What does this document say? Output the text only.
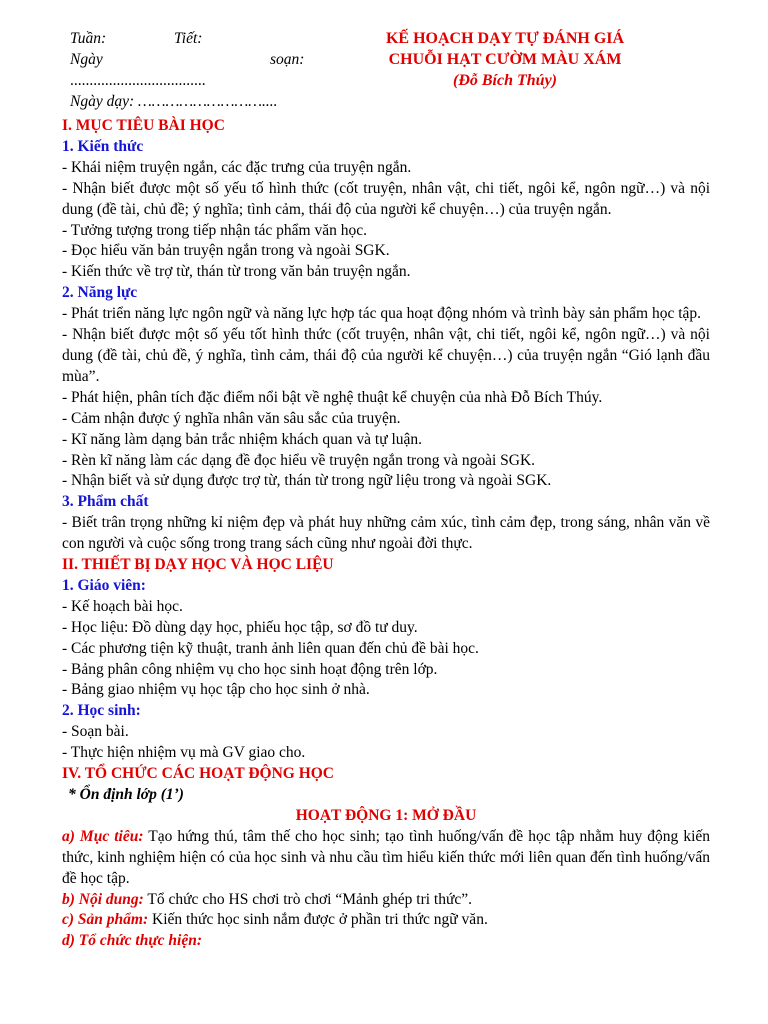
Tuần:	Tiết:
Ngày	soạn:
...................................
Ngày dạy: ………………………....
KẾ HOẠCH DẠY TỰ ĐÁNH GIÁ
CHUỖI HẠT CƯỜM MÀU XÁM
(Đỗ Bích Thúy)

I. MỤC TIÊU BÀI HỌC

1. Kiến thức

- Khái niệm truyện ngắn, các đặc trưng của truyện ngắn.

- Nhận biết được một số yếu tố hình thức (cốt truyện, nhân vật, chi tiết, ngôi kể, ngôn ngữ…) và nội dung (đề tài, chủ đề; ý nghĩa; tình cảm, thái độ của người kể chuyện…) của truyện ngắn.

- Tưởng tượng trong tiếp nhận tác phẩm văn học.

- Đọc hiểu văn bản truyện ngắn trong và ngoài SGK.

- Kiến thức về trợ từ, thán từ trong văn bản truyện ngắn.

2. Năng lực

- Phát triển năng lực ngôn ngữ và năng lực hợp tác qua hoạt động nhóm và trình bày sản phẩm học tập.

- Nhận biết được một số yếu tốt hình thức (cốt truyện, nhân vật, chi tiết, ngôi kể, ngôn ngữ…) và nội dung (đề tài, chủ đề, ý nghĩa, tình cảm, thái độ của người kể chuyện…) của truyện ngắn “Gió lạnh đầu mùa”.

- Phát hiện, phân tích đặc điểm nổi bật về nghệ thuật kể chuyện của nhà Đỗ Bích Thúy.

- Cảm nhận được ý nghĩa nhân văn sâu sắc của truyện.

- Kĩ năng làm dạng bản trắc nhiệm khách quan và tự luận.

- Rèn kĩ năng làm các dạng đề đọc hiểu về truyện ngắn trong và ngoài SGK.

- Nhận biết và sử dụng được trợ từ, thán từ trong ngữ liệu trong và ngoài SGK.

3. Phẩm chất

- Biết trân trọng những kỉ niệm đẹp và phát huy những cảm xúc, tình cảm đẹp, trong sáng, nhân văn về con người và cuộc sống trong trang sách cũng như ngoài đời thực.

II. THIẾT BỊ DẠY HỌC VÀ HỌC LIỆU

1. Giáo viên:

- Kế hoạch bài học.

- Học liệu: Đồ dùng dạy học, phiếu học tập, sơ đồ tư duy.

- Các phương tiện kỹ thuật, tranh ảnh liên quan đến chủ đề bài học.

- Bảng phân công nhiệm vụ cho học sinh hoạt động trên lớp.

- Bảng giao nhiệm vụ học tập cho học sinh ở nhà.

2. Học sinh:

- Soạn bài.

- Thực hiện nhiệm vụ mà GV giao cho.

IV. TỔ CHỨC CÁC HOẠT ĐỘNG HỌC

* Ổn định lớp (1’)

HOẠT ĐỘNG 1: MỞ ĐẦU

a) Mục tiêu: Tạo hứng thú, tâm thế cho học sinh; tạo tình huống/vấn đề học tập nhằm huy động kiến thức, kinh nghiệm hiện có của học sinh và nhu cầu tìm hiểu kiến thức mới liên quan đến tình huống/vấn đề học tập.

b) Nội dung: Tổ chức cho HS chơi trò chơi “Mảnh ghép tri thức”.

c) Sản phẩm: Kiến thức học sinh nắm được ở phần tri thức ngữ văn.

d) Tổ chức thực hiện:
